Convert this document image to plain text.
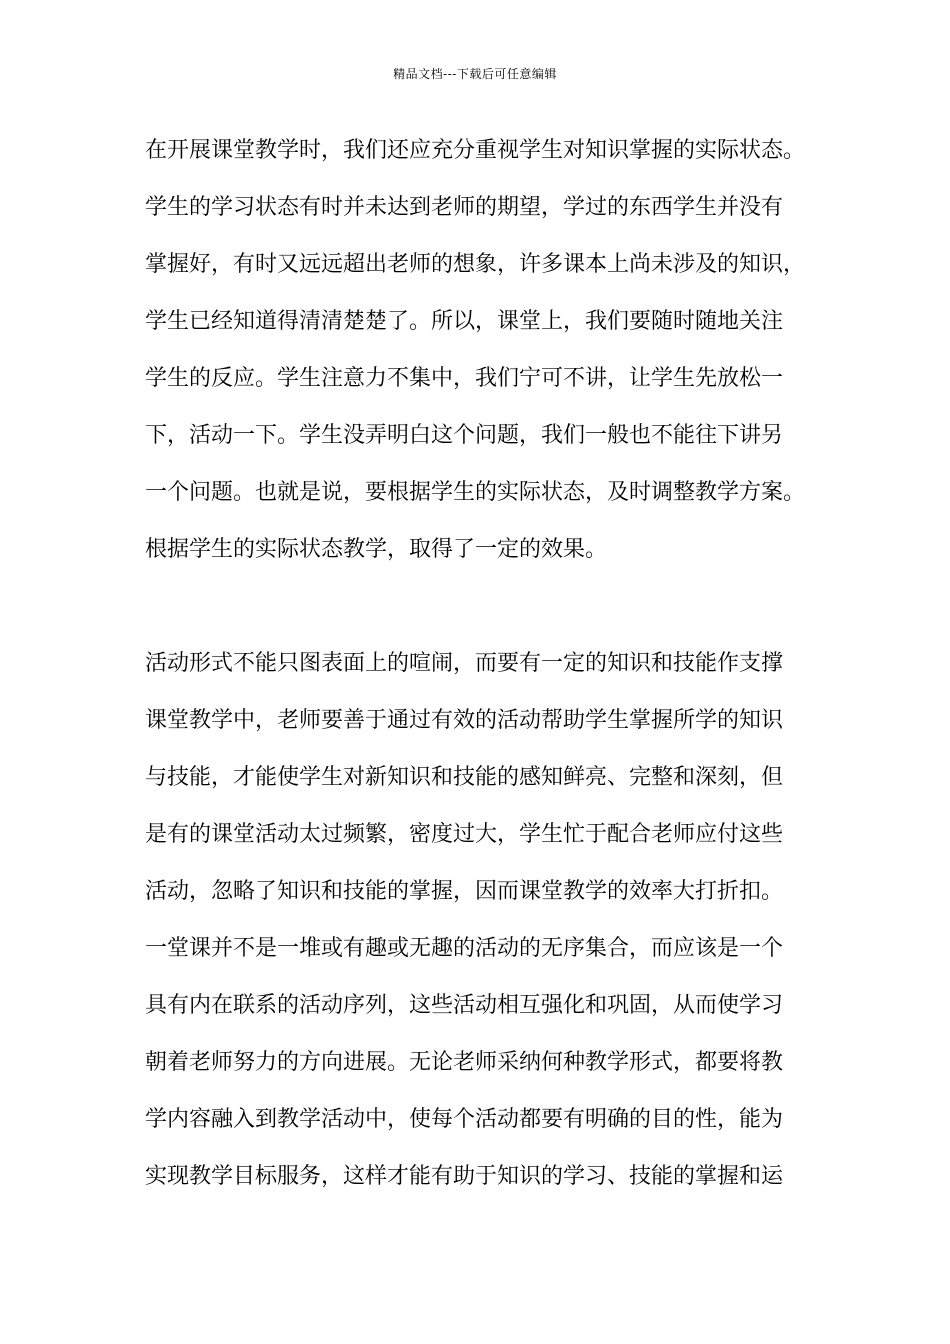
精品文档---下载后可任意编辑
在开展课堂教学时，我们还应充分重视学生对知识掌握的实际状态。
学生的学习状态有时并未达到老师的期望，学过的东西学生并没有
掌握好，有时又远远超出老师的想象，许多课本上尚未涉及的知识，
学生已经知道得清清楚楚了。所以，课堂上，我们要随时随地关注
学生的反应。学生注意力不集中，我们宁可不讲，让学生先放松一
下，活动一下。学生没弄明白这个问题，我们一般也不能往下讲另
一个问题。也就是说，要根据学生的实际状态，及时调整教学方案。
根据学生的实际状态教学，取得了一定的效果。
活动形式不能只图表面上的喧闹，而要有一定的知识和技能作支撑
课堂教学中，老师要善于通过有效的活动帮助学生掌握所学的知识
与技能，才能使学生对新知识和技能的感知鲜亮、完整和深刻，但
是有的课堂活动太过频繁，密度过大，学生忙于配合老师应付这些
活动，忽略了知识和技能的掌握，因而课堂教学的效率大打折扣。
一堂课并不是一堆或有趣或无趣的活动的无序集合，而应该是一个
具有内在联系的活动序列，这些活动相互强化和巩固，从而使学习
朝着老师努力的方向进展。无论老师采纳何种教学形式，都要将教
学内容融入到教学活动中，使每个活动都要有明确的目的性，能为
实现教学目标服务，这样才能有助于知识的学习、技能的掌握和运
